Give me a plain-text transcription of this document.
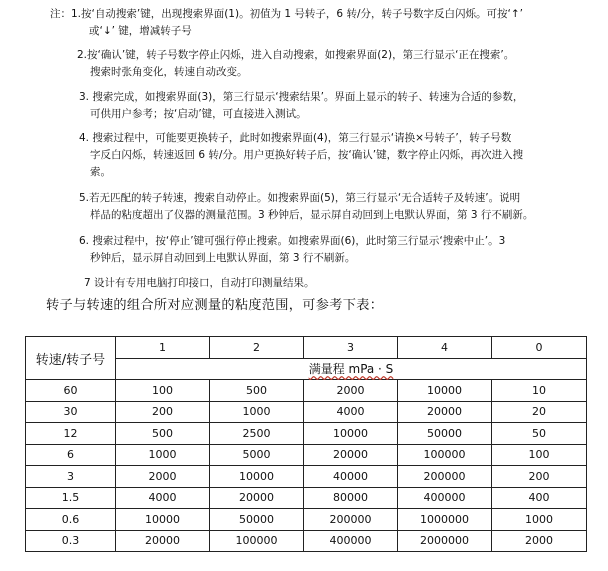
注：1.按‘自动搜索’键，出现搜索界面(1)。初值为 1 号转子，6 转/分，转子号数字反白闪烁。可按‘↑’
或‘↓’ 键，增减转子号
2.按‘确认’键，转子号数字停止闪烁，进入自动搜索，如搜索界面(2)，第三行显示‘正在搜索’。
搜索时张角变化，转速自动改变。
3. 搜索完成，如搜索界面(3)，第三行显示‘搜索结果’。界面上显示的转子、转速为合适的参数，
可供用户参考；按‘启动’键，可直接进入测试。
4. 搜索过程中，可能要更换转子，此时如搜索界面(4)，第三行显示‘请换×号转子’，转子号数
字反白闪烁，转速返回 6 转/分。用户更换好转子后，按‘确认’键，数字停止闪烁，再次进入搜
索。
5.若无匹配的转子转速，搜索自动停止。如搜索界面(5)，第三行显示‘无合适转子及转速’。说明
样品的粘度超出了仪器的测量范围。3 秒钟后，显示屏自动回到上电默认界面，第 3 行不刷新。
6. 搜索过程中，按‘停止’键可强行停止搜索。如搜索界面(6)，此时第三行显示‘搜索中止’。3
秒钟后，显示屏自动回到上电默认界面，第 3 行不刷新。
7 设计有专用电脑打印接口，自动打印测量结果。
转子与转速的组合所对应测量的粘度范围，可参考下表：
转速/转子号	1	2	3	4	0
	满量程 mPa · S				
60	100	500	2000	10000	10
30	200	1000	4000	20000	20
12	500	2500	10000	50000	50
6	1000	5000	20000	100000	100
3	2000	10000	40000	200000	200
1.5	4000	20000	80000	400000	400
0.6	10000	50000	200000	1000000	1000
0.3	20000	100000	400000	2000000	2000
